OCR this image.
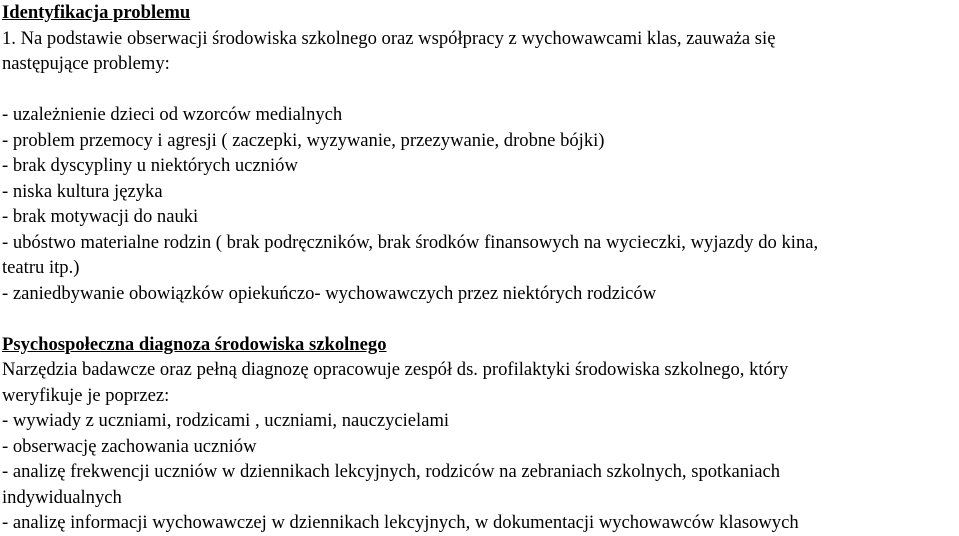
Identyfikacja problemu
1. Na podstawie obserwacji środowiska szkolnego oraz współpracy z wychowawcami klas, zauważa się
następujące problemy:
- uzależnienie dzieci od wzorców medialnych
- problem przemocy i agresji ( zaczepki, wyzywanie, przezywanie, drobne bójki)
- brak dyscypliny u niektórych uczniów
- niska kultura języka
- brak motywacji do nauki
- ubóstwo materialne rodzin ( brak podręczników, brak środków finansowych na wycieczki, wyjazdy do kina,
teatru itp.)
- zaniedbywanie obowiązków opiekuńczo- wychowawczych przez niektórych rodziców
Psychospołeczna diagnoza środowiska szkolnego
Narzędzia badawcze oraz pełną diagnozę opracowuje zespół ds. profilaktyki środowiska szkolnego, który
weryfikuje je poprzez:
- wywiady z uczniami, rodzicami , uczniami, nauczycielami
- obserwację zachowania uczniów
- analizę frekwencji uczniów w dziennikach lekcyjnych, rodziców na zebraniach szkolnych, spotkaniach
indywidualnych
- analizę informacji wychowawczej w dziennikach lekcyjnych, w dokumentacji wychowawców klasowych
